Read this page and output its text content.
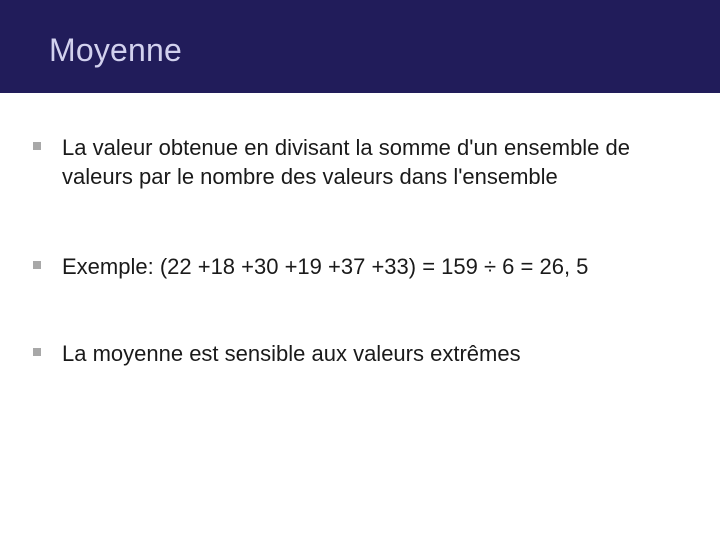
Moyenne
La valeur obtenue en divisant la somme d'un ensemble de valeurs par le nombre des valeurs dans l'ensemble
Exemple: (22 +18 +30 +19 +37 +33) = 159 ÷ 6 = 26, 5
La moyenne est sensible aux valeurs extrêmes
